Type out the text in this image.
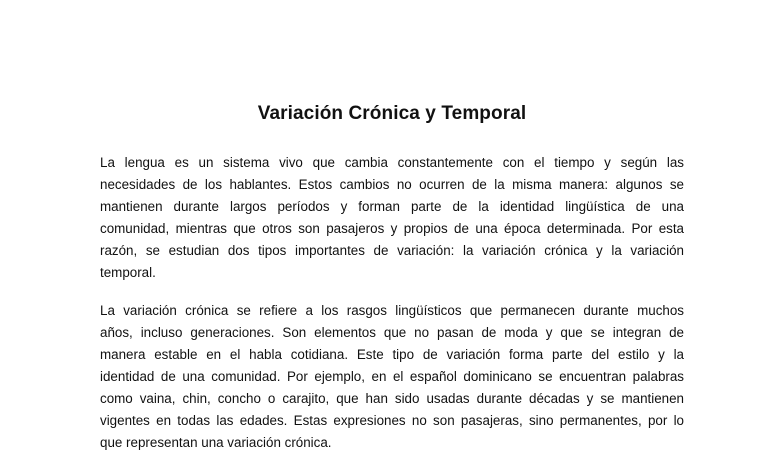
Variación Crónica y Temporal
La lengua es un sistema vivo que cambia constantemente con el tiempo y según las
necesidades de los hablantes. Estos cambios no ocurren de la misma manera: algunos se
mantienen durante largos períodos y forman parte de la identidad lingüística de una
comunidad, mientras que otros son pasajeros y propios de una época determinada. Por esta
razón, se estudian dos tipos importantes de variación: la variación crónica y la variación
temporal.
La variación crónica se refiere a los rasgos lingüísticos que permanecen durante muchos
años, incluso generaciones. Son elementos que no pasan de moda y que se integran de
manera estable en el habla cotidiana. Este tipo de variación forma parte del estilo y la
identidad de una comunidad. Por ejemplo, en el español dominicano se encuentran palabras
como vaina, chin, concho o carajito, que han sido usadas durante décadas y se mantienen
vigentes en todas las edades. Estas expresiones no son pasajeras, sino permanentes, por lo
que representan una variación crónica.
